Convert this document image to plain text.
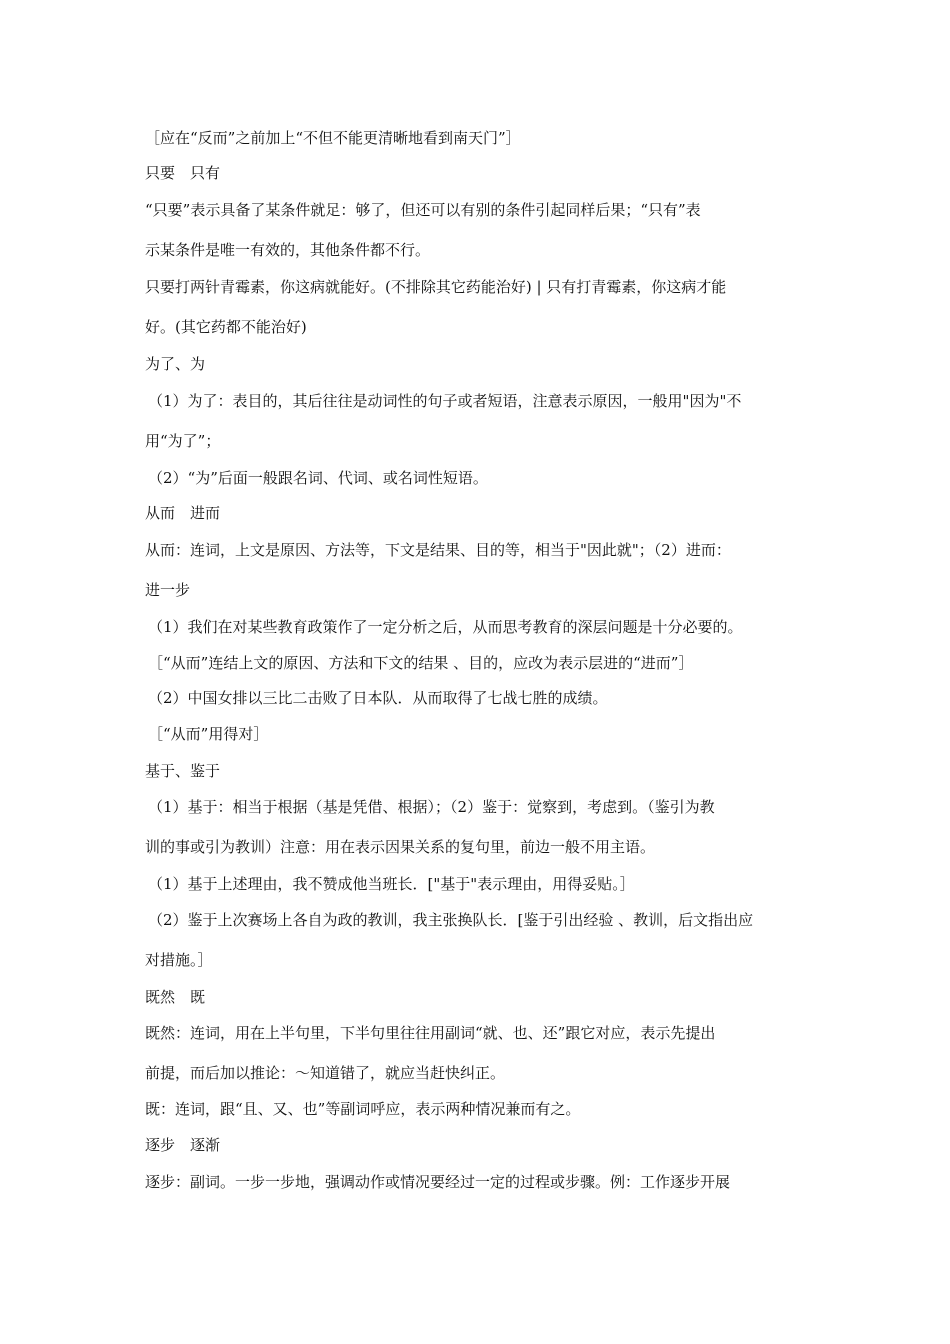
［应在“反而”之前加上“不但不能更清晰地看到南天门”］
只要　只有
“只要”表示具备了某条件就足：够了，但还可以有别的条件引起同样后果；“只有”表
示某条件是唯一有效的，其他条件都不行。
只要打两针青霉素，你这病就能好。(不排除其它药能治好) | 只有打青霉素，你这病才能
好。(其它药都不能治好)
为了、为
（1）为了：表目的，其后往往是动词性的句子或者短语，注意表示原因，一般用"因为"不
用“为了”；
（2）“为”后面一般跟名词、代词、或名词性短语。
从而　进而
从而：连词，上文是原因、方法等，下文是结果、目的等，相当于"因此就"；（2）进而：
进一步
（1）我们在对某些教育政策作了一定分析之后，从而思考教育的深层问题是十分必要的。
［“从而”连结上文的原因、方法和下文的结果 、目的，应改为表示层进的“进而”］
（2）中国女排以三比二击败了日本队．从而取得了七战七胜的成绩。
［“从而”用得对］
基于、鉴于
（1）基于：相当于根据（基是凭借、根据）；（2）鉴于：觉察到，考虑到。（鉴引为教
训的事或引为教训）注意：用在表示因果关系的复句里，前边一般不用主语。
（1）基于上述理由，我不赞成他当班长．["基于"表示理由，用得妥贴。］
（2）鉴于上次赛场上各自为政的教训，我主张换队长．[鉴于引出经验 、教训，后文指出应
对措施。］
既然　既
既然：连词，用在上半句里，下半句里往往用副词“就、也、还”跟它对应，表示先提出
前提，而后加以推论：～知道错了，就应当赶快纠正。
既：连词，跟“且、又、也”等副词呼应，表示两种情况兼而有之。
逐步　逐渐
逐步：副词。一步一步地，强调动作或情况要经过一定的过程或步骤。例：工作逐步开展
